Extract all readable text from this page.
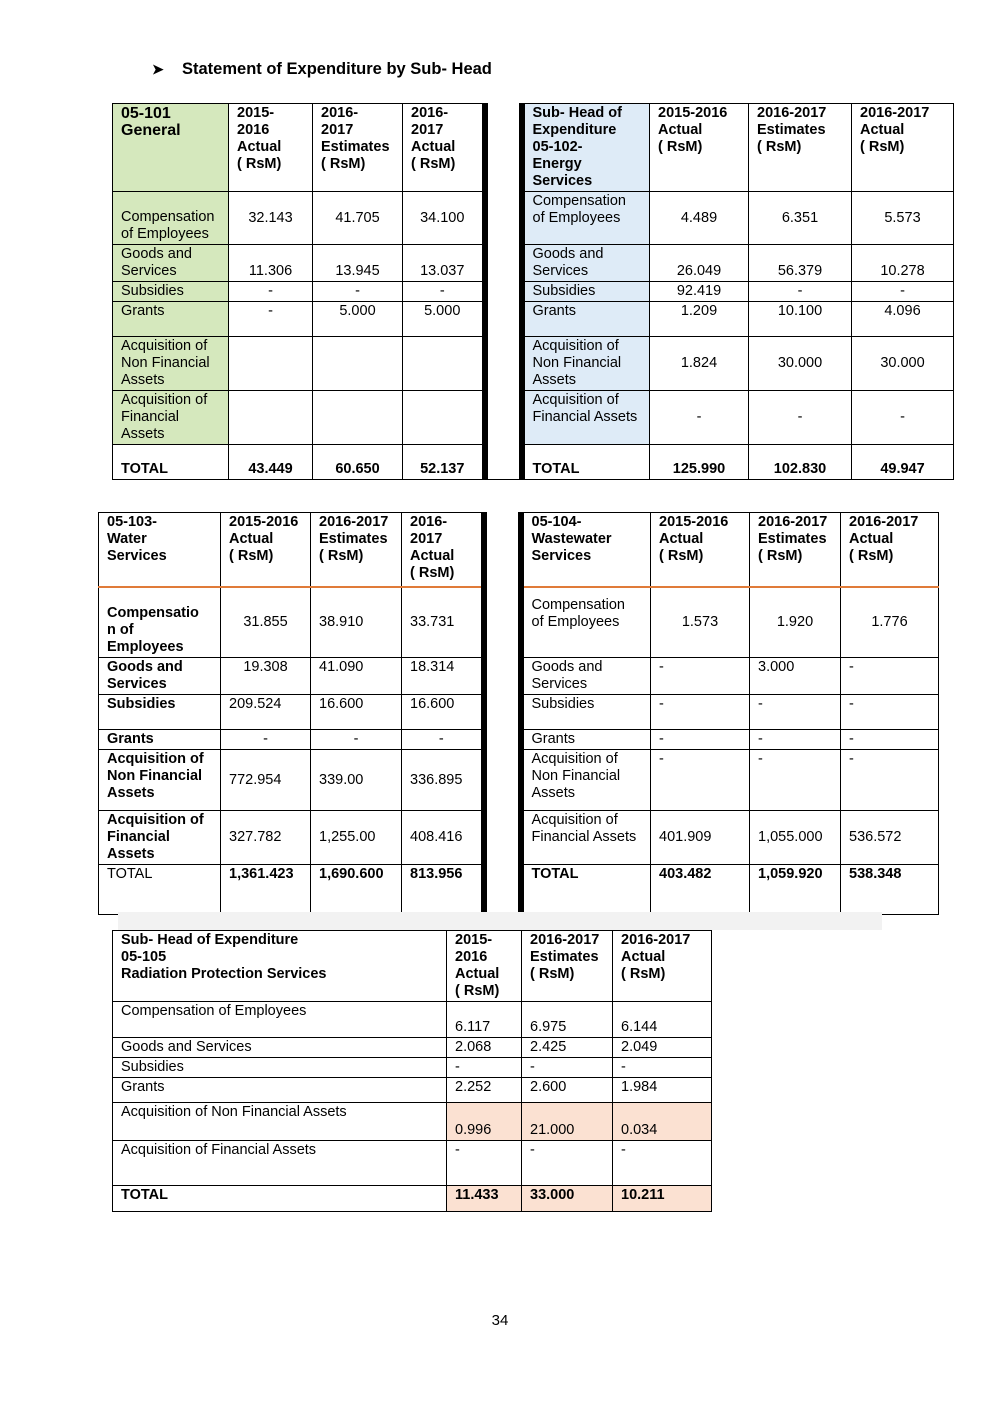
➤ Statement of Expenditure by Sub- Head
05-101
General	2015-
2016
Actual
( RsM)	2016-
2017
Estimates
( RsM)	2016-
2017
Actual
( RsM)		Sub- Head of
Expenditure
05-102-
Energy
Services	2015-2016
Actual
( RsM)	2016-2017
Estimates
( RsM)	2016-2017
Actual
( RsM)
Compensation
of Employees	32.143	41.705	34.100		Compensation
of Employees	4.489	6.351	5.573
Goods and
Services	11.306	13.945	13.037		Goods and
Services	26.049	56.379	10.278
Subsidies	-	-	-		Subsidies	92.419	-	-
Grants	-	5.000	5.000		Grants	1.209	10.100	4.096
Acquisition of
Non Financial
Assets					Acquisition of
Non Financial
Assets	1.824	30.000	30.000
Acquisition of
Financial
Assets					Acquisition of
Financial Assets	-	-	-
TOTAL	43.449	60.650	52.137		TOTAL	125.990	102.830	49.947
05-103-
Water
Services	2015-2016
Actual
( RsM)	2016-2017
Estimates
( RsM)	2016-
2017
Actual
( RsM)		05-104-
Wastewater
Services	2015-2016
Actual
( RsM)	2016-2017
Estimates
( RsM)	2016-2017
Actual
( RsM)
Compensatio
n of
Employees	31.855	38.910	33.731		Compensation
of Employees	1.573	1.920	1.776
Goods and
Services	19.308	41.090	18.314		Goods and
Services	-	3.000	-
Subsidies	209.524	16.600	16.600		Subsidies	-	-	-
Grants	-	-	-		Grants	-	-	-
Acquisition of
Non Financial
Assets	772.954	339.00	336.895		Acquisition of
Non Financial
Assets	-	-	-
Acquisition of
Financial
Assets	327.782	1,255.00	408.416		Acquisition of
Financial Assets	401.909	1,055.000	536.572
TOTAL	1,361.423	1,690.600	813.956		TOTAL	403.482	1,059.920	538.348
Sub- Head of Expenditure
05-105
Radiation Protection Services	2015-
2016
Actual
( RsM)	2016-2017
Estimates
( RsM)	2016-2017
Actual
( RsM)
Compensation of Employees	6.117	6.975	6.144
Goods and Services	2.068	2.425	2.049
Subsidies	-	-	-
Grants	2.252	2.600	1.984
Acquisition of Non Financial Assets	0.996	21.000	0.034
Acquisition of Financial Assets	-	-	-
TOTAL	11.433	33.000	10.211
34
